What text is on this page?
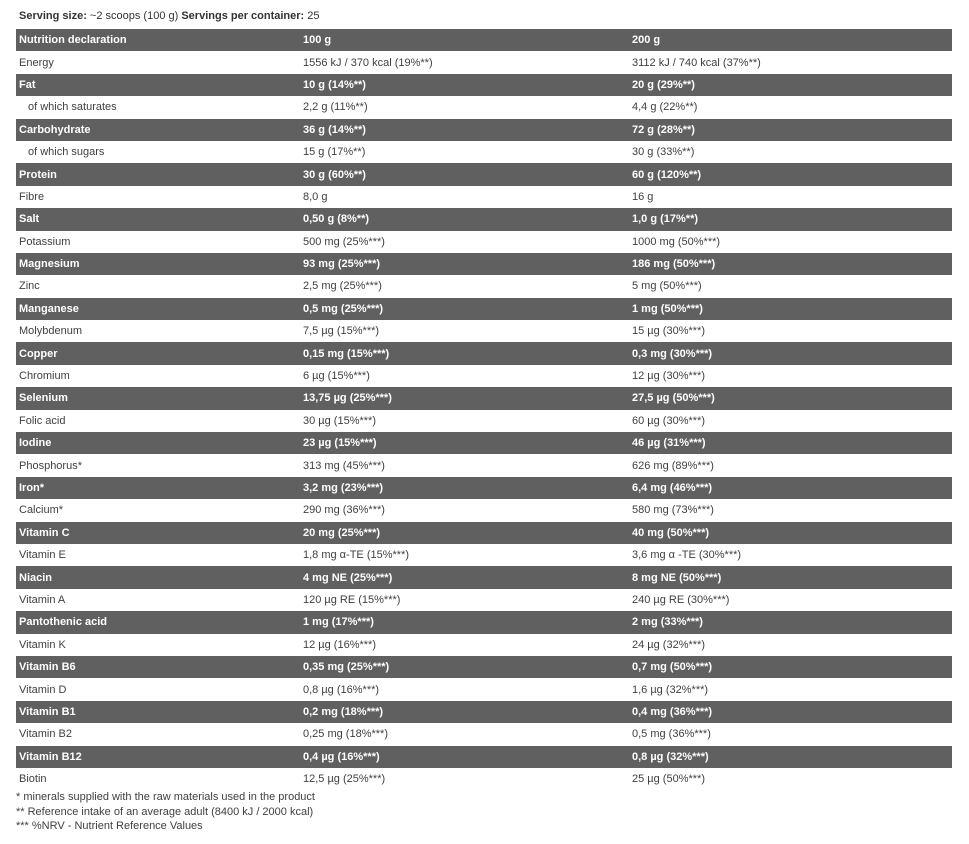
Serving size: ~2 scoops (100 g) Servings per container: 25
Nutrition declaration	100 g	200 g
Energy	1556 kJ / 370 kcal (19%**)	3112 kJ / 740 kcal (37%**)
Fat	10 g (14%**)	20 g (29%**)
of which saturates	2,2 g (11%**)	4,4 g (22%**)
Carbohydrate	36 g (14%**)	72 g (28%**)
of which sugars	15 g (17%**)	30 g (33%**)
Protein	30 g (60%**)	60 g (120%**)
Fibre	8,0 g	16 g
Salt	0,50 g (8%**)	1,0 g (17%**)
Potassium	500 mg (25%***)	1000 mg (50%***)
Magnesium	93 mg (25%***)	186 mg (50%***)
Zinc	2,5 mg (25%***)	5 mg (50%***)
Manganese	0,5 mg (25%***)	1 mg (50%***)
Molybdenum	7,5 µg (15%***)	15 µg (30%***)
Copper	0,15 mg (15%***)	0,3 mg (30%***)
Chromium	6 µg (15%***)	12 µg (30%***)
Selenium	13,75 µg (25%***)	27,5 µg (50%***)
Folic acid	30 µg (15%***)	60 µg (30%***)
Iodine	23 µg (15%***)	46 µg (31%***)
Phosphorus*	313 mg (45%***)	626 mg (89%***)
Iron*	3,2 mg (23%***)	6,4 mg (46%***)
Calcium*	290 mg (36%***)	580 mg (73%***)
Vitamin C	20 mg (25%***)	40 mg (50%***)
Vitamin E	1,8 mg α-TE (15%***)	3,6 mg α -TE (30%***)
Niacin	4 mg NE (25%***)	8 mg NE (50%***)
Vitamin A	120 µg RE (15%***)	240 µg RE (30%***)
Pantothenic acid	1 mg (17%***)	2 mg (33%***)
Vitamin K	12 µg (16%***)	24 µg (32%***)
Vitamin B6	0,35 mg (25%***)	0,7 mg (50%***)
Vitamin D	0,8 µg (16%***)	1,6 µg (32%***)
Vitamin B1	0,2 mg (18%***)	0,4 mg (36%***)
Vitamin B2	0,25 mg (18%***)	0,5 mg (36%***)
Vitamin B12	0,4 µg (16%***)	0,8 µg (32%***)
Biotin	12,5 µg (25%***)	25 µg (50%***)
* minerals supplied with the raw materials used in the product
** Reference intake of an average adult (8400 kJ / 2000 kcal)
*** %NRV - Nutrient Reference Values
